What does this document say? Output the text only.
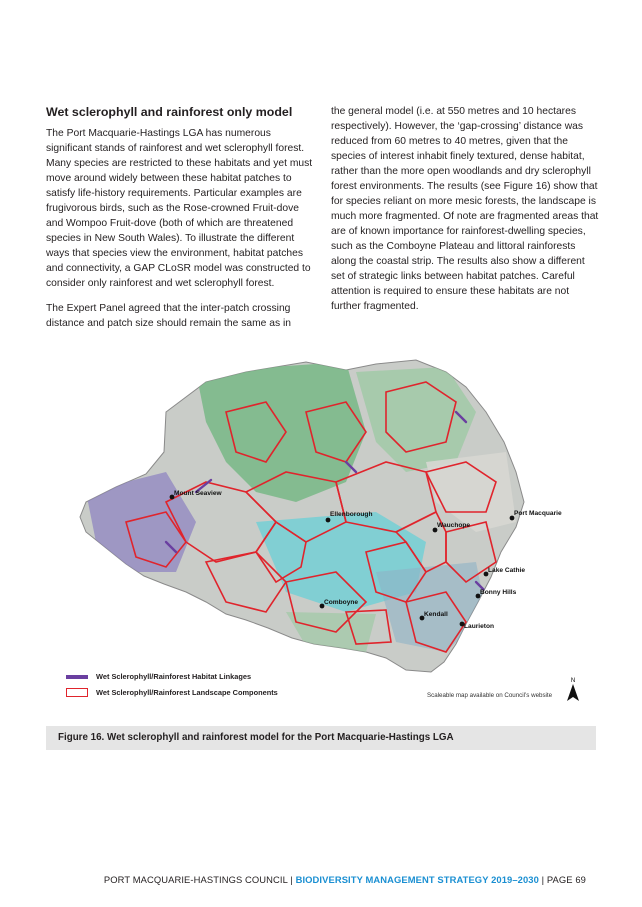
Wet sclerophyll and rainforest only model

The Port Macquarie-Hastings LGA has numerous significant stands of rainforest and wet sclerophyll forest. Many species are restricted to these habitats and yet must move around widely between these habitat patches to satisfy life-history requirements. Particular examples are frugivorous birds, such as the Rose-crowned Fruit-dove and Wompoo Fruit-dove (both of which are threatened species in New South Wales). To illustrate the different ways that species view the environment, habitat patches and connectivity, a GAP CLoSR model was constructed to consider only rainforest and wet sclerophyll forest.

The Expert Panel agreed that the inter-patch crossing distance and patch size should remain the same as in

the general model (i.e. at 550 metres and 10 hectares respectively). However, the ‘gap-crossing’ distance was reduced from 60 metres to 40 metres, given that the species of interest inhabit finely textured, dense habitat, rather than the more open woodlands and dry sclerophyll forest environments. The results (see Figure 16) show that for species reliant on more mesic forests, the landscape is much more fragmented. Of note are fragmented areas that are of known importance for rainforest-dwelling species, such as the Comboyne Plateau and littoral rainforests along the coastal strip. The results also show a different set of strategic links between habitat patches. Careful attention is required to ensure these habitats are not further fragmented.

Mount Seaview
Ellenborough
Wauchope
Port Macquarie
Lake Cathie
Bonny Hills
Comboyne
Kendall
Laurieton
Wet Sclerophyll/Rainforest Habitat Linkages
Wet Sclerophyll/Rainforest Landscape Components	Scaleable map available on Council’s website
N
Figure 16. Wet sclerophyll and rainforest model for the Port Macquarie-Hastings LGA
PORT MACQUARIE-HASTINGS COUNCIL | BIODIVERSITY MANAGEMENT STRATEGY 2019–2030 | PAGE 69
